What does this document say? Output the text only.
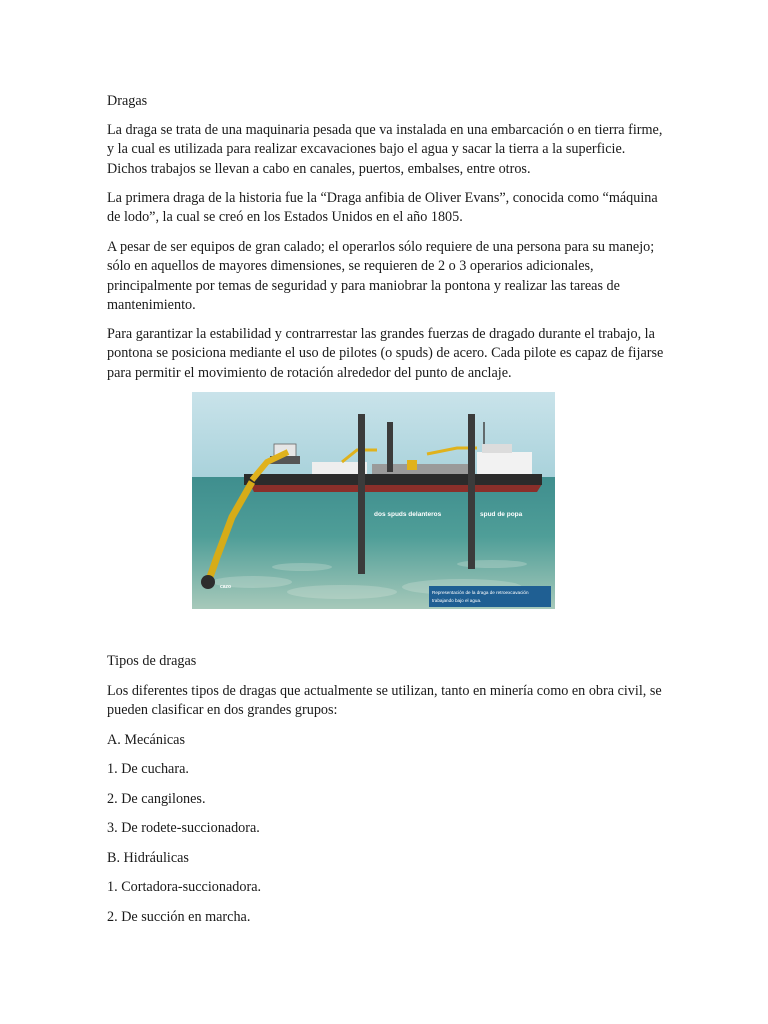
Dragas

La draga se trata de una maquinaria pesada que va instalada en una embarcación o en tierra firme, y la cual es utilizada para realizar excavaciones bajo el agua y sacar la tierra a la superficie. Dichos trabajos se llevan a cabo en canales, puertos, embalses, entre otros.

La primera draga de la historia fue la “Draga anfibia de Oliver Evans”, conocida como “máquina de lodo”, la cual se creó en los Estados Unidos en el año 1805.

A pesar de ser equipos de gran calado; el operarlos sólo requiere de una persona para su manejo; sólo en aquellos de mayores dimensiones, se requieren de 2 o 3 operarios adicionales, principalmente por temas de seguridad y para maniobrar la pontona y realizar las tareas de mantenimiento.

Para garantizar la estabilidad y contrarrestar las grandes fuerzas de dragado durante el trabajo, la pontona se posiciona mediante el uso de pilotes (o spuds) de acero. Cada pilote es capaz de fijarse para permitir el movimiento de rotación alrededor del punto de anclaje.

dos spuds delanteros	spud de popa
cazo
Representación de la draga de retroexcavación
trabajando bajo el agua.

Tipos de dragas

Los diferentes tipos de dragas que actualmente se utilizan, tanto en minería como en obra civil, se pueden clasificar en dos grandes grupos:

A. Mecánicas

1. De cuchara.

2. De cangilones.

3. De rodete-succionadora.

B. Hidráulicas

1. Cortadora-succionadora.

2. De succión en marcha.
